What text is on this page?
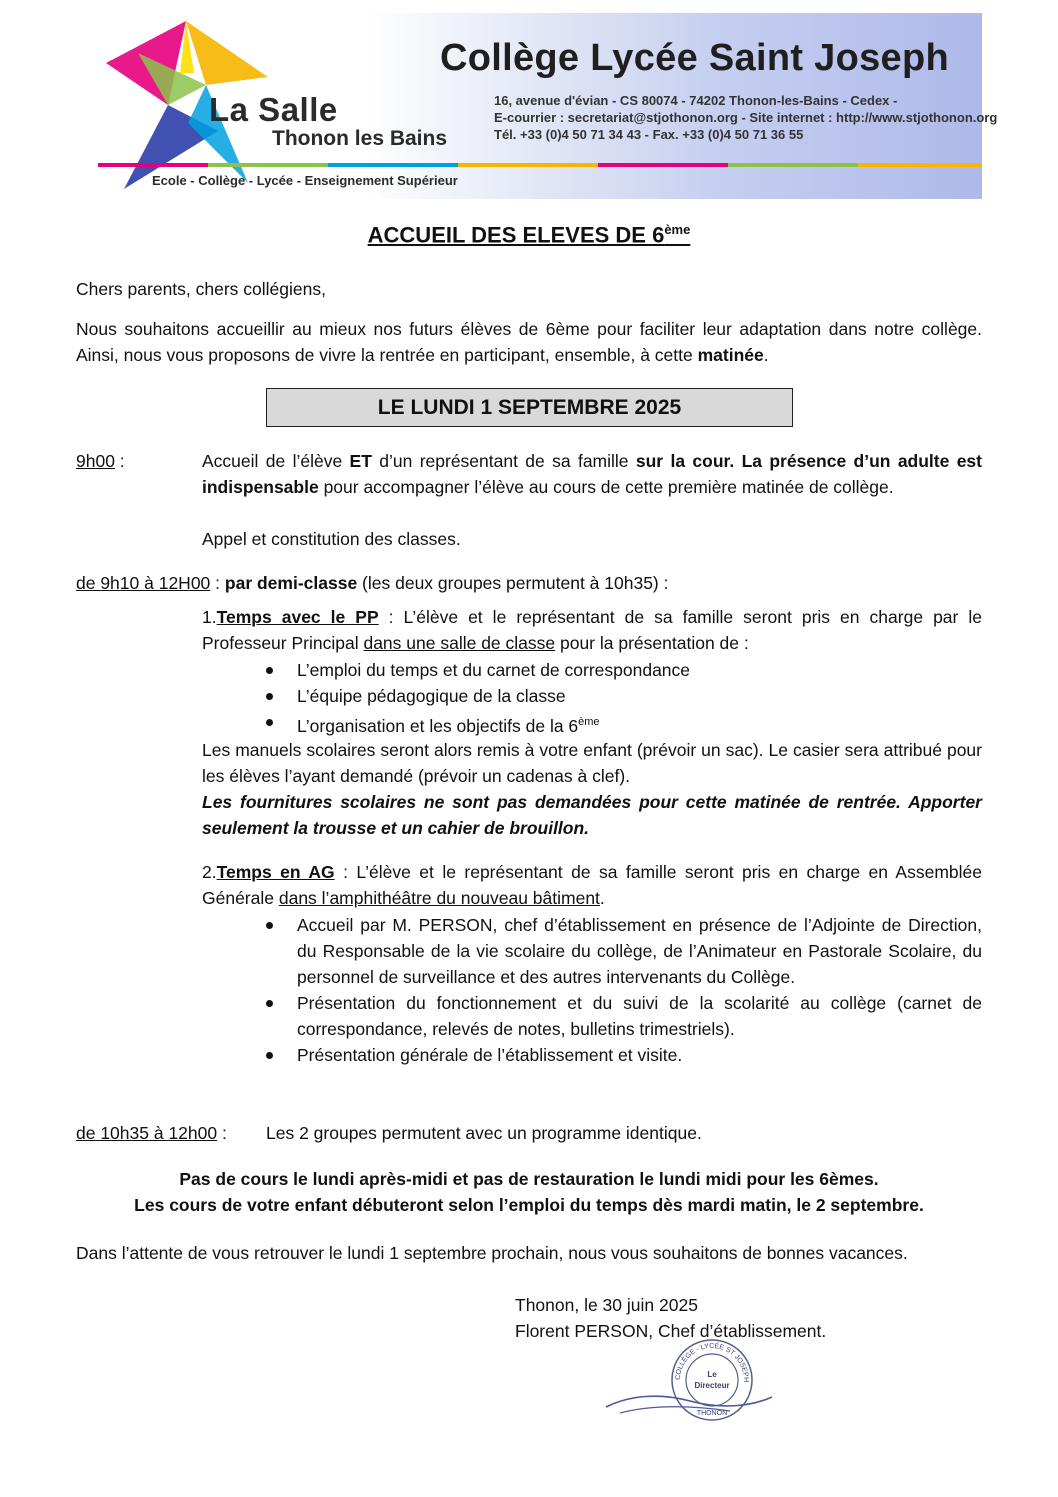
La Salle
Thonon les Bains
Ecole - Collège - Lycée - Enseignement Supérieur
Collège Lycée Saint Joseph
16, avenue d'évian - CS 80074 - 74202 Thonon-les-Bains - Cedex -
E-courrier : secretariat@stjothonon.org - Site internet : http://www.stjothonon.org
Tél. +33 (0)4 50 71 34 43 - Fax. +33 (0)4 50 71 36 55
ACCUEIL DES ELEVES DE 6ème
Chers parents, chers collégiens,
Nous souhaitons accueillir au mieux nos futurs élèves de 6ème pour faciliter leur adaptation dans notre collège. Ainsi, nous vous proposons de vivre la rentrée en participant, ensemble, à cette matinée.
LE LUNDI 1 SEPTEMBRE 2025
9h00 :	Accueil de l’élève ET d’un représentant de sa famille sur la cour. La présence d’un adulte est indispensable pour accompagner l’élève au cours de cette première matinée de collège.
Appel et constitution des classes.
de 9h10 à 12H00 : par demi-classe (les deux groupes permutent à 10h35) :
1.Temps avec le PP : L’élève et le représentant de sa famille seront pris en charge par le Professeur Principal dans une salle de classe pour la présentation de :
L’emploi du temps et du carnet de correspondance
L’équipe pédagogique de la classe
L’organisation et les objectifs de la 6ème
Les manuels scolaires seront alors remis à votre enfant (prévoir un sac). Le casier sera attribué pour les élèves l’ayant demandé (prévoir un cadenas à clef).
Les fournitures scolaires ne sont pas demandées pour cette matinée de rentrée. Apporter seulement la trousse et un cahier de brouillon.
2.Temps en AG : L’élève et le représentant de sa famille seront pris en charge en Assemblée Générale dans l’amphithéâtre du nouveau bâtiment.
Accueil par M. PERSON, chef d’établissement en présence de l’Adjointe de Direction, du Responsable de la vie scolaire du collège, de l’Animateur en Pastorale Scolaire, du personnel de surveillance et des autres intervenants du Collège.
Présentation du fonctionnement et du suivi de la scolarité au collège (carnet de correspondance, relevés de notes, bulletins trimestriels).
Présentation générale de l’établissement et visite.
de 10h35 à 12h00 : Les 2 groupes permutent avec un programme identique.
Pas de cours le lundi après-midi et pas de restauration le lundi midi pour les 6èmes.
Les cours de votre enfant débuteront selon l’emploi du temps dès mardi matin, le 2 septembre.
Dans l’attente de vous retrouver le lundi 1 septembre prochain, nous vous souhaitons de bonnes vacances.
Thonon, le 30 juin 2025
Florent PERSON, Chef d’établissement.
Le
Directeur
COLLÈGE - LYCÉE ST JOSEPH
THONON
